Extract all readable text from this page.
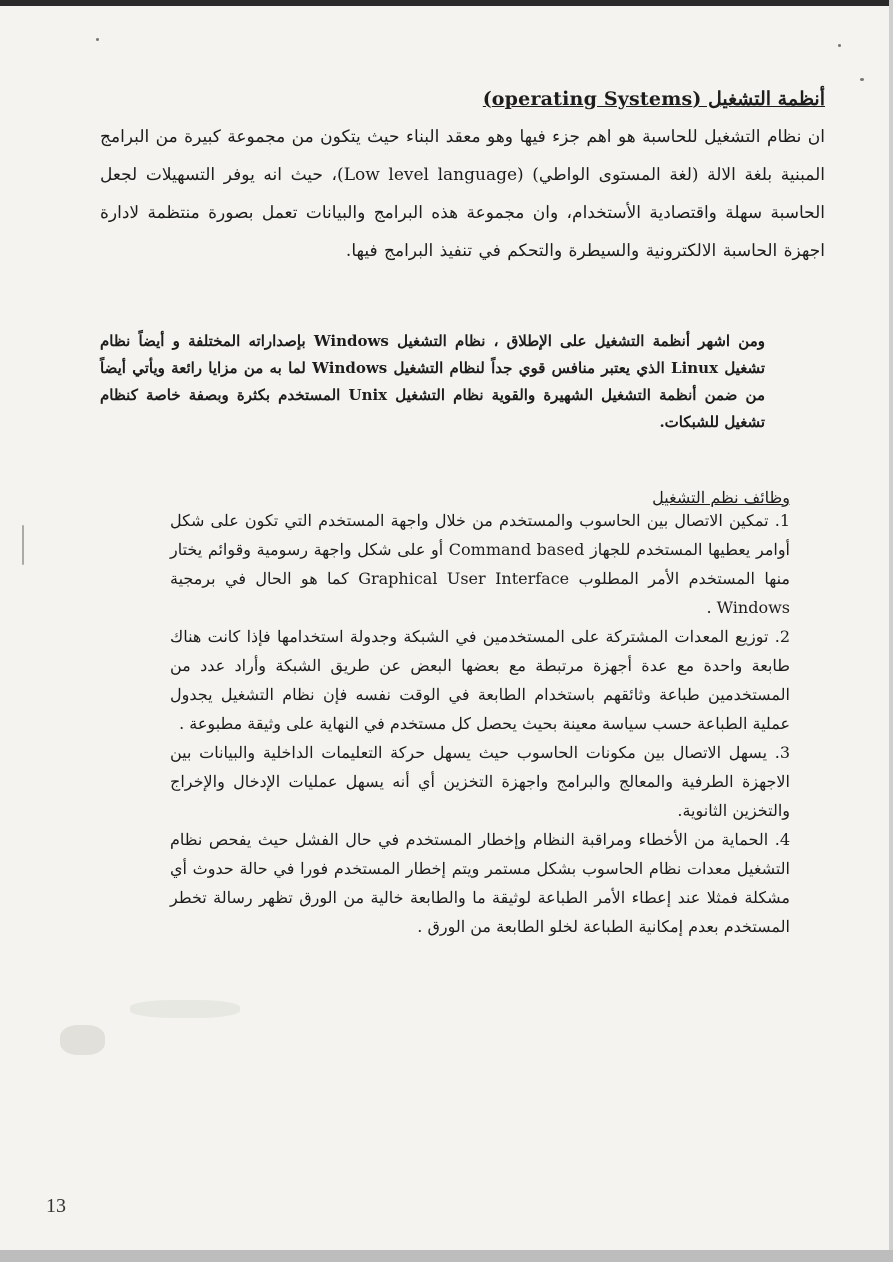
أنظمة التشغيل (operating Systems)

ان نظام التشغيل للحاسبة هو اهم جزء فيها وهو معقد البناء حيث يتكون من مجموعة كبيرة من البرامج المبنية بلغة الالة (لغة المستوى الواطي) (Low level language)، حيث انه يوفر التسهيلات لجعل الحاسبة سهلة واقتصادية الأستخدام، وان مجموعة هذه البرامج والبيانات تعمل بصورة منتظمة لادارة اجهزة الحاسبة الالكترونية والسيطرة والتحكم في تنفيذ البرامج فيها.

ومن اشهر أنظمة التشغيل على الإطلاق ، نظام التشغيل Windows بإصداراته المختلفة و أيضاً نظام تشغيل Linux الذي يعتبر منافس قوي جداً لنظام التشغيل Windows لما به من مزايا رائعة ويأتي أيضاً من ضمن أنظمة التشغيل الشهيرة والقوية نظام التشغيل Unix المستخدم بكثرة وبصفة خاصة كنظام تشغيل للشبكات.

وظائف نظم التشغيل

1. تمكين الاتصال بين الحاسوب والمستخدم من خلال واجهة المستخدم التي تكون على شكل أوامر يعطيها المستخدم للجهاز Command based أو على شكل واجهة رسومية وقوائم يختار منها المستخدم الأمر المطلوب Graphical User Interface كما هو الحال في برمجية Windows .

2. توزيع المعدات المشتركة على المستخدمين في الشبكة وجدولة استخدامها فإذا كانت هناك طابعة واحدة مع عدة أجهزة مرتبطة مع بعضها البعض عن طريق الشبكة وأراد عدد من المستخدمين طباعة وثائقهم باستخدام الطابعة في الوقت نفسه فإن نظام التشغيل يجدول عملية الطباعة حسب سياسة معينة بحيث يحصل كل مستخدم في النهاية على وثيقة مطبوعة .

3. يسهل الاتصال بين مكونات الحاسوب حيث يسهل حركة التعليمات الداخلية والبيانات بين الاجهزة الطرفية والمعالج والبرامج واجهزة التخزين أي أنه يسهل عمليات الإدخال والإخراج والتخزين الثانوية.

4. الحماية من الأخطاء ومراقبة النظام وإخطار المستخدم في حال الفشل حيث يفحص نظام التشغيل معدات نظام الحاسوب بشكل مستمر ويتم إخطار المستخدم فورا في حالة حدوث أي مشكلة فمثلا عند إعطاء الأمر الطباعة لوثيقة ما والطابعة خالية من الورق تظهر رسالة تخطر المستخدم بعدم إمكانية الطباعة لخلو الطابعة من الورق .

13
